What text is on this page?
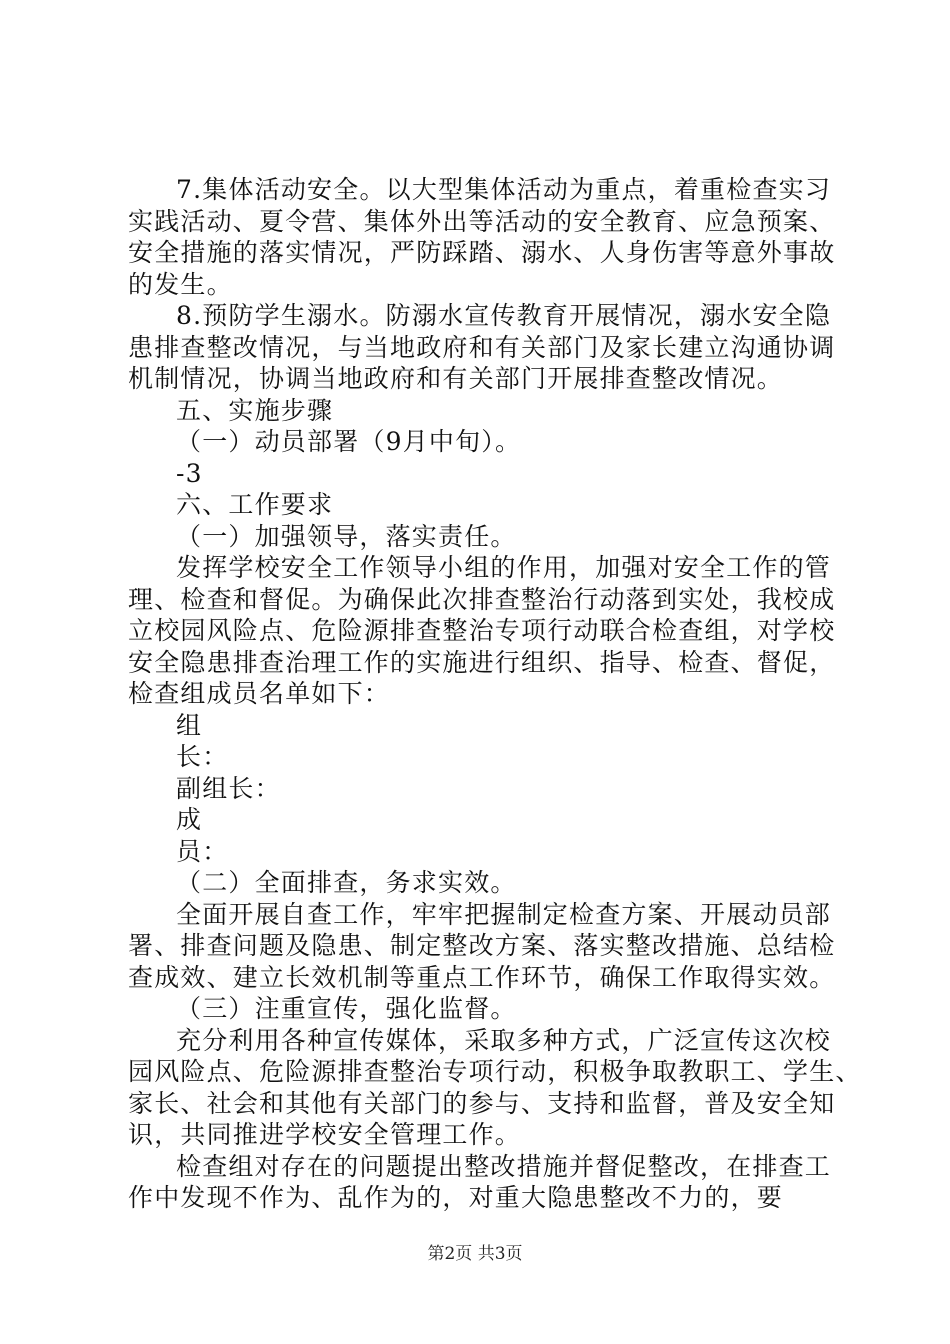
7.集体活动安全。以大型集体活动为重点，着重检查实习
实践活动、夏令营、集体外出等活动的安全教育、应急预案、
安全措施的落实情况，严防踩踏、溺水、人身伤害等意外事故
的发生。
8.预防学生溺水。防溺水宣传教育开展情况，溺水安全隐
患排查整改情况，与当地政府和有关部门及家长建立沟通协调
机制情况，协调当地政府和有关部门开展排查整改情况。
五、实施步骤
（一）动员部署（9月中旬）。
-3
六、工作要求
（一）加强领导，落实责任。
发挥学校安全工作领导小组的作用，加强对安全工作的管
理、检查和督促。为确保此次排查整治行动落到实处，我校成
立校园风险点、危险源排查整治专项行动联合检查组，对学校
安全隐患排查治理工作的实施进行组织、指导、检查、督促，
检查组成员名单如下：
组
长：
副组长：
成
员：
（二）全面排查，务求实效。
全面开展自查工作，牢牢把握制定检查方案、开展动员部
署、排查问题及隐患、制定整改方案、落实整改措施、总结检
查成效、建立长效机制等重点工作环节，确保工作取得实效。
（三）注重宣传，强化监督。
充分利用各种宣传媒体，采取多种方式，广泛宣传这次校
园风险点、危险源排查整治专项行动，积极争取教职工、学生、
家长、社会和其他有关部门的参与、支持和监督，普及安全知
识，共同推进学校安全管理工作。
检查组对存在的问题提出整改措施并督促整改，在排查工
作中发现不作为、乱作为的，对重大隐患整改不力的，要
第2页 共3页
